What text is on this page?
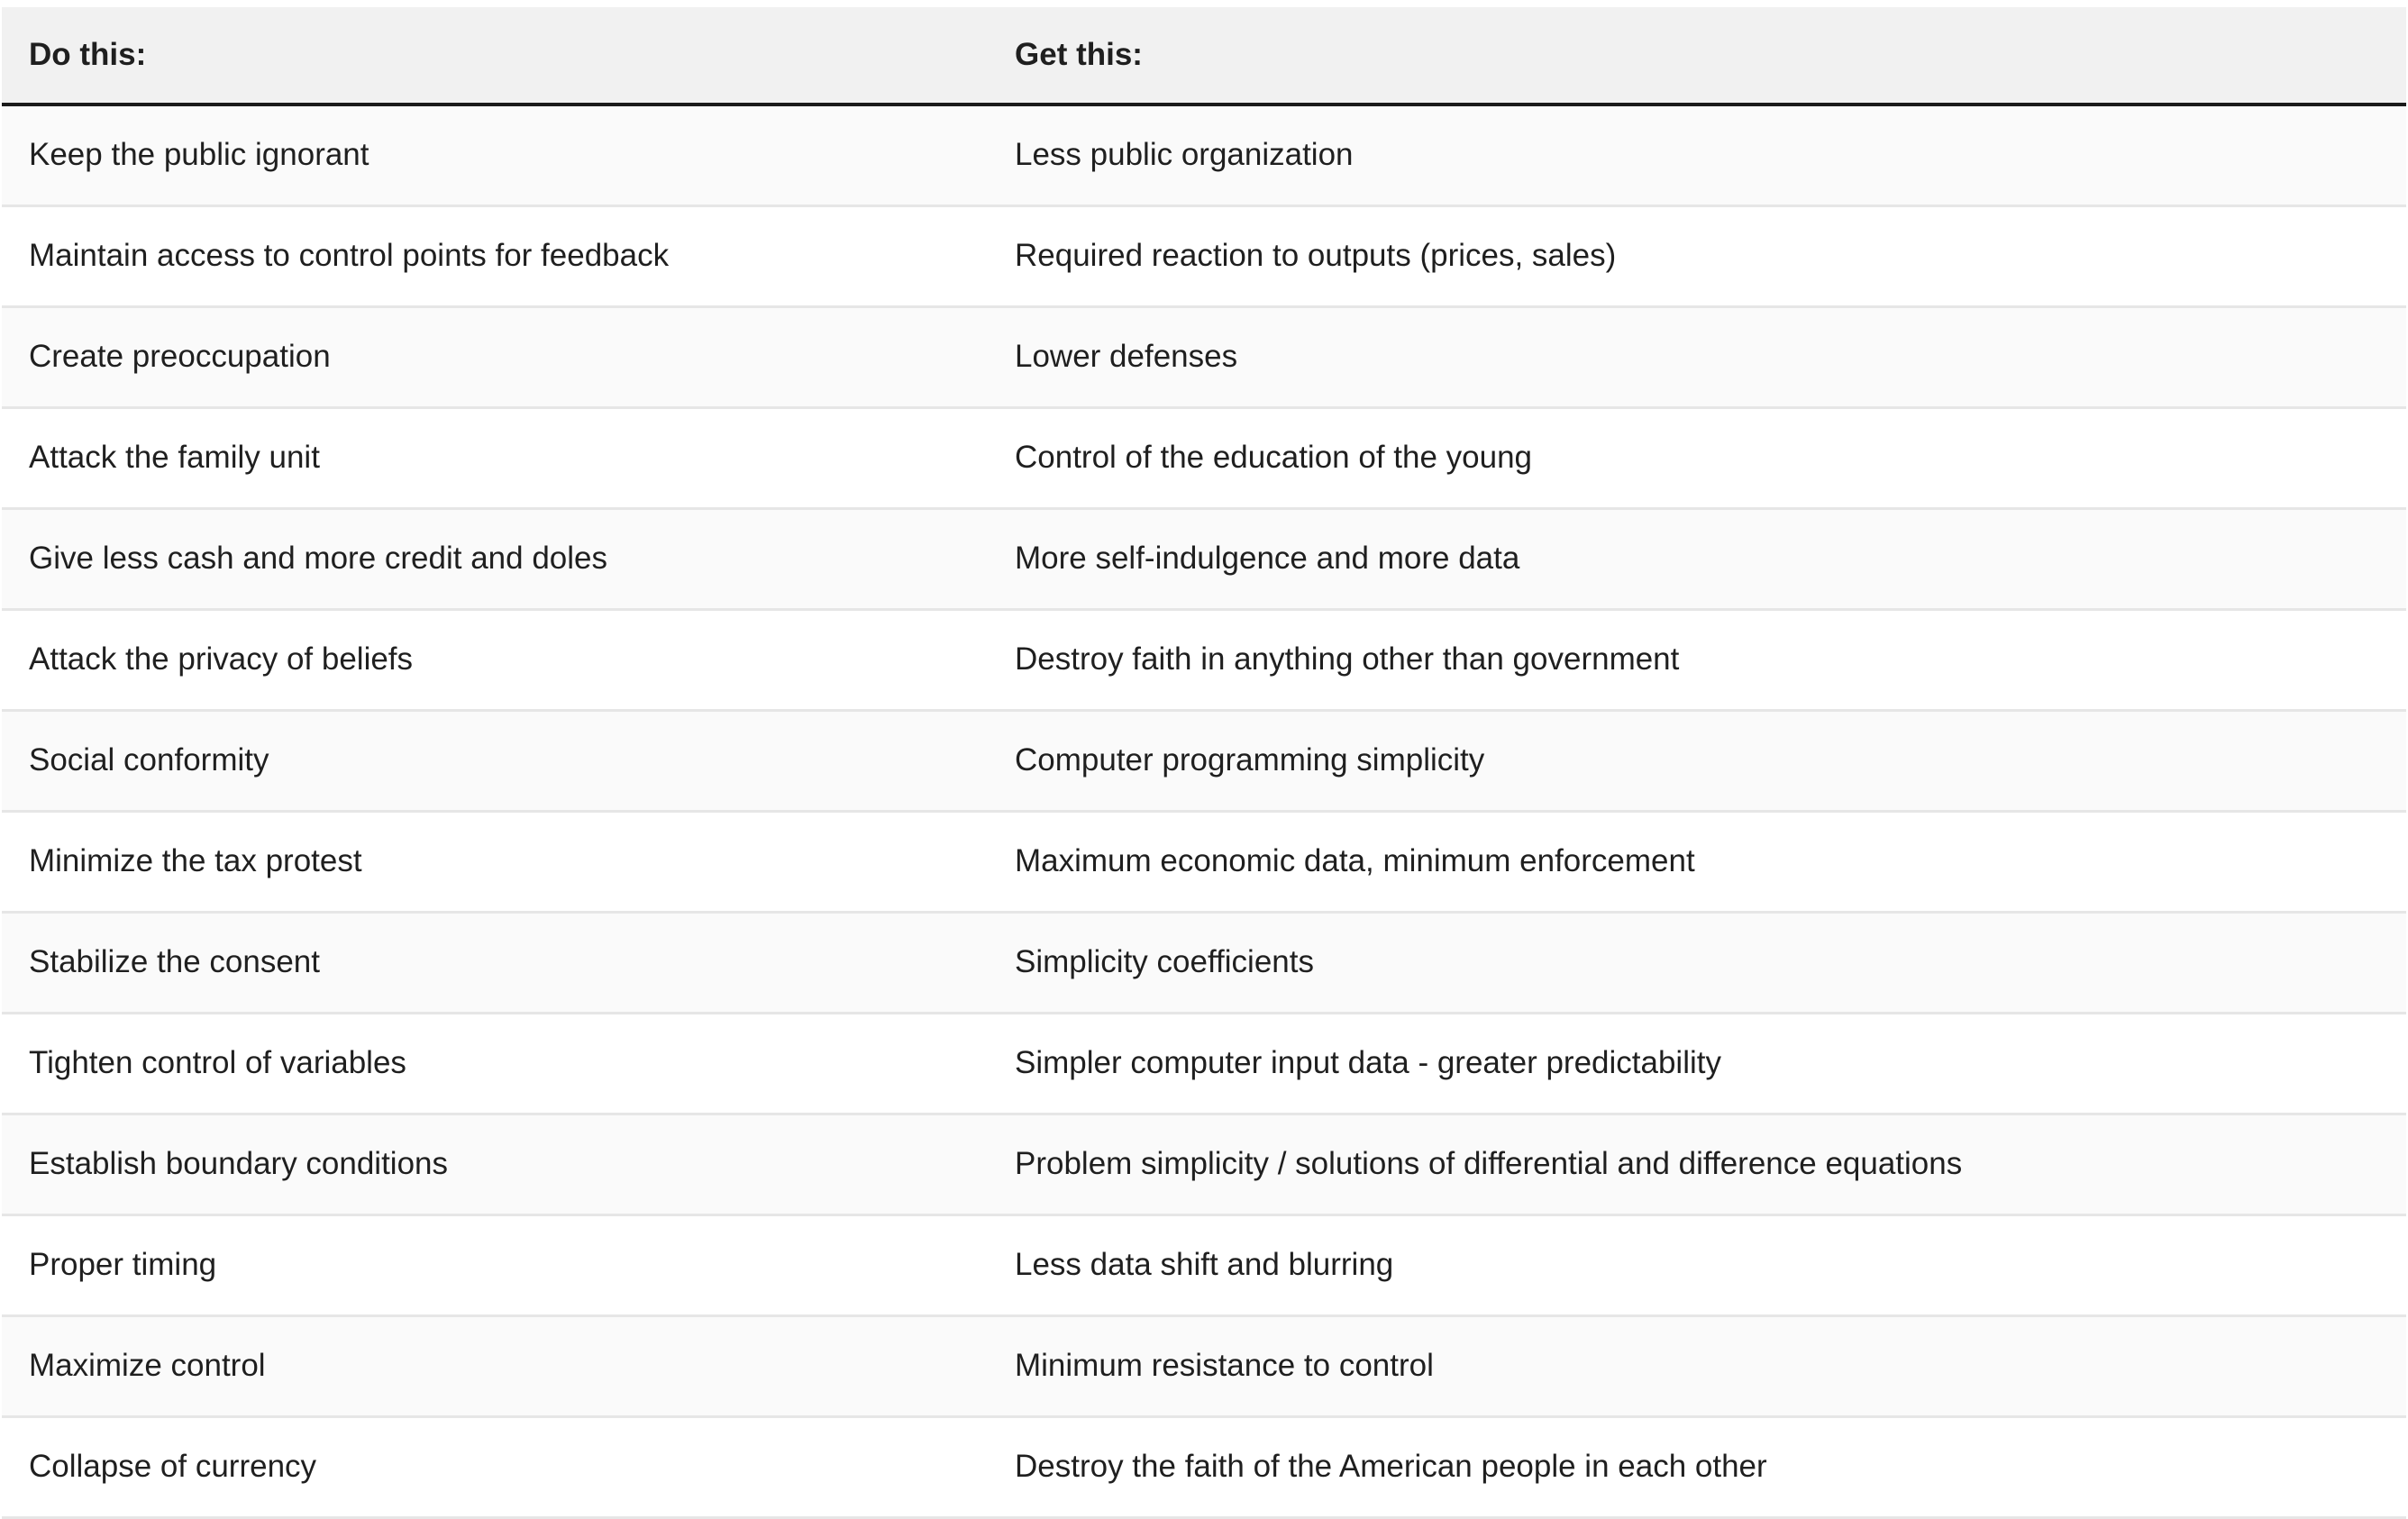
Do this:	Get this:
Keep the public ignorant	Less public organization
Maintain access to control points for feedback	Required reaction to outputs (prices, sales)
Create preoccupation	Lower defenses
Attack the family unit	Control of the education of the young
Give less cash and more credit and doles	More self-indulgence and more data
Attack the privacy of beliefs	Destroy faith in anything other than government
Social conformity	Computer programming simplicity
Minimize the tax protest	Maximum economic data, minimum enforcement
Stabilize the consent	Simplicity coefficients
Tighten control of variables	Simpler computer input data - greater predictability
Establish boundary conditions	Problem simplicity / solutions of differential and difference equations
Proper timing	Less data shift and blurring
Maximize control	Minimum resistance to control
Collapse of currency	Destroy the faith of the American people in each other
